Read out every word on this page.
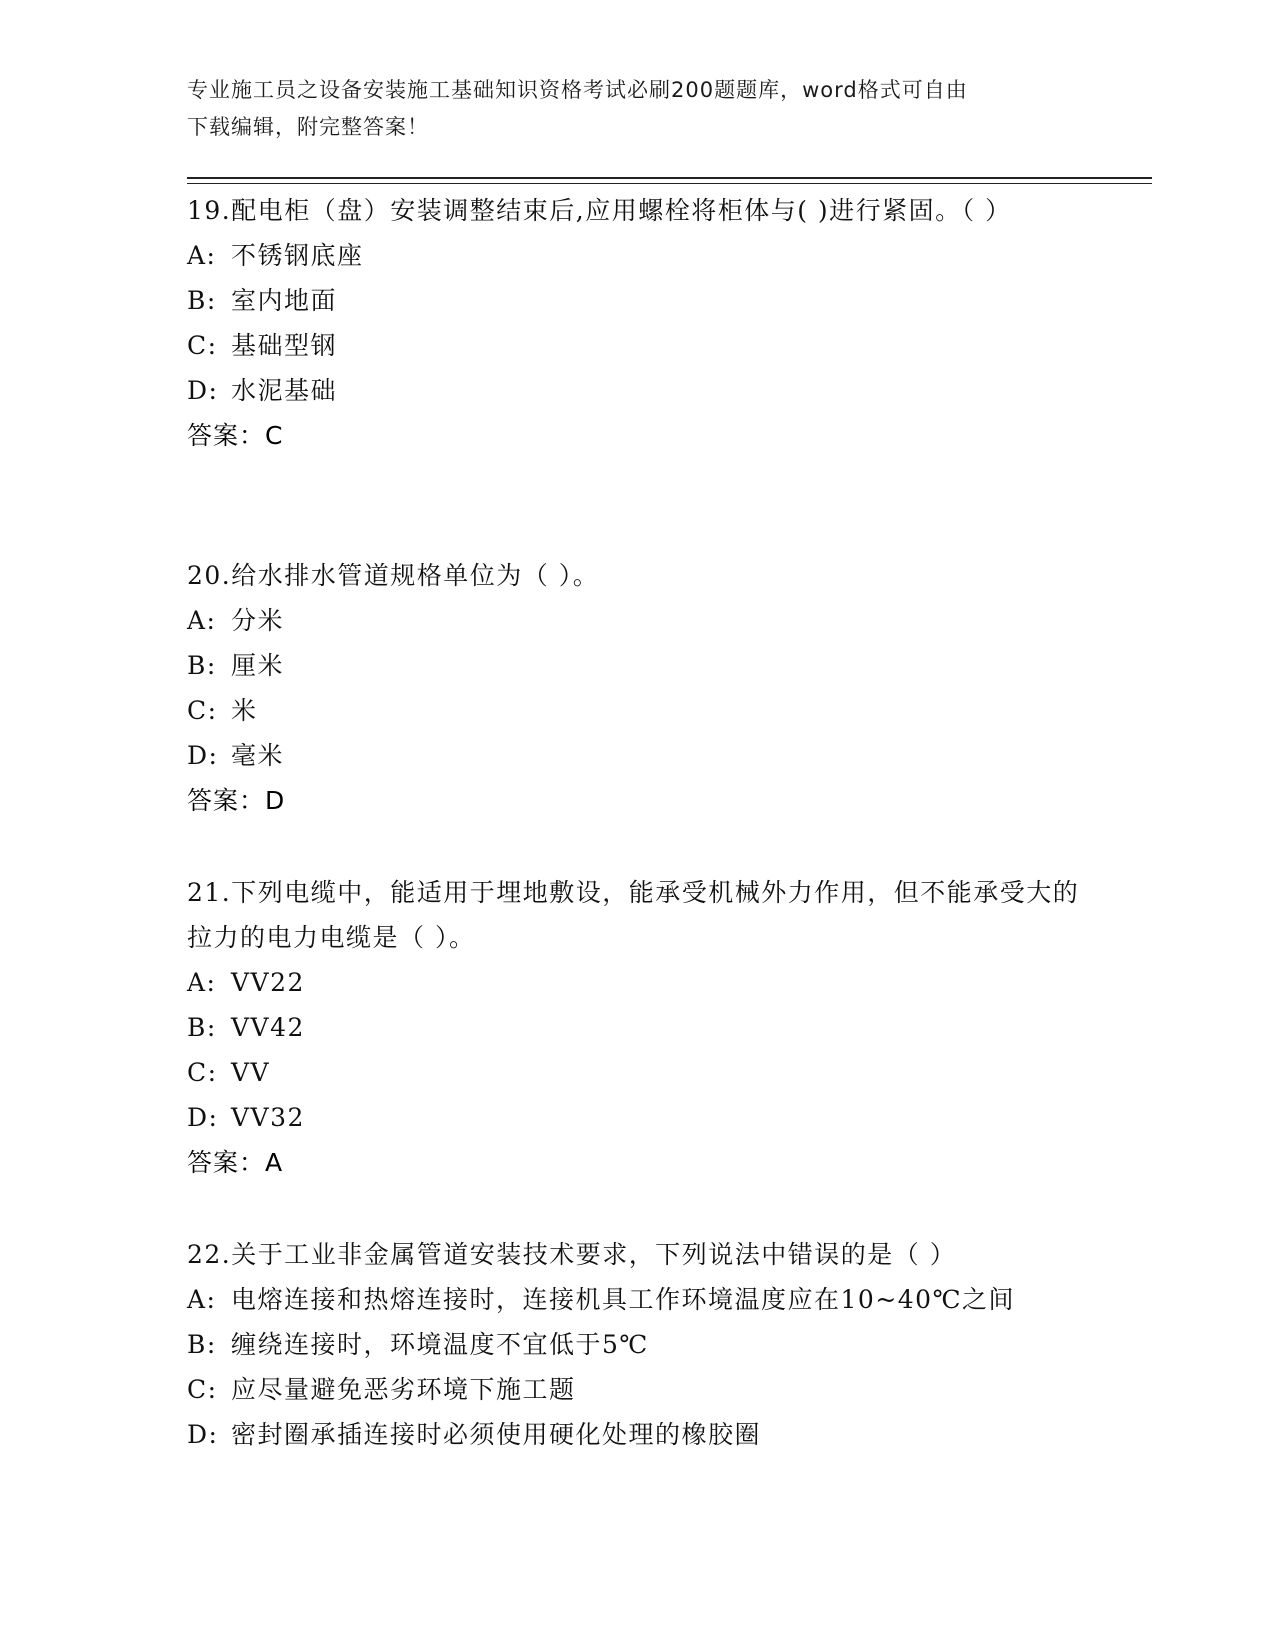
专业施工员之设备安装施工基础知识资格考试必刷200题题库，word格式可自由
下载编辑，附完整答案！

19.配电柜（盘）安装调整结束后,应用螺栓将柜体与( )进行紧固。（ ）

A: 不锈钢底座

B: 室内地面

C: 基础型钢

D: 水泥基础

答案：C

20.给水排水管道规格单位为（ ）。

A: 分米

B: 厘米

C: 米

D: 毫米

答案：D

21.下列电缆中，能适用于埋地敷设，能承受机械外力作用，但不能承受大的拉力的电力电缆是（ ）。

A: VV22

B: VV42

C: VV

D: VV32

答案：A

22.关于工业非金属管道安装技术要求，下列说法中错误的是（ ）

A: 电熔连接和热熔连接时，连接机具工作环境温度应在10~40℃之间

B: 缠绕连接时，环境温度不宜低于5℃

C: 应尽量避免恶劣环境下施工题

D: 密封圈承插连接时必须使用硬化处理的橡胶圈
